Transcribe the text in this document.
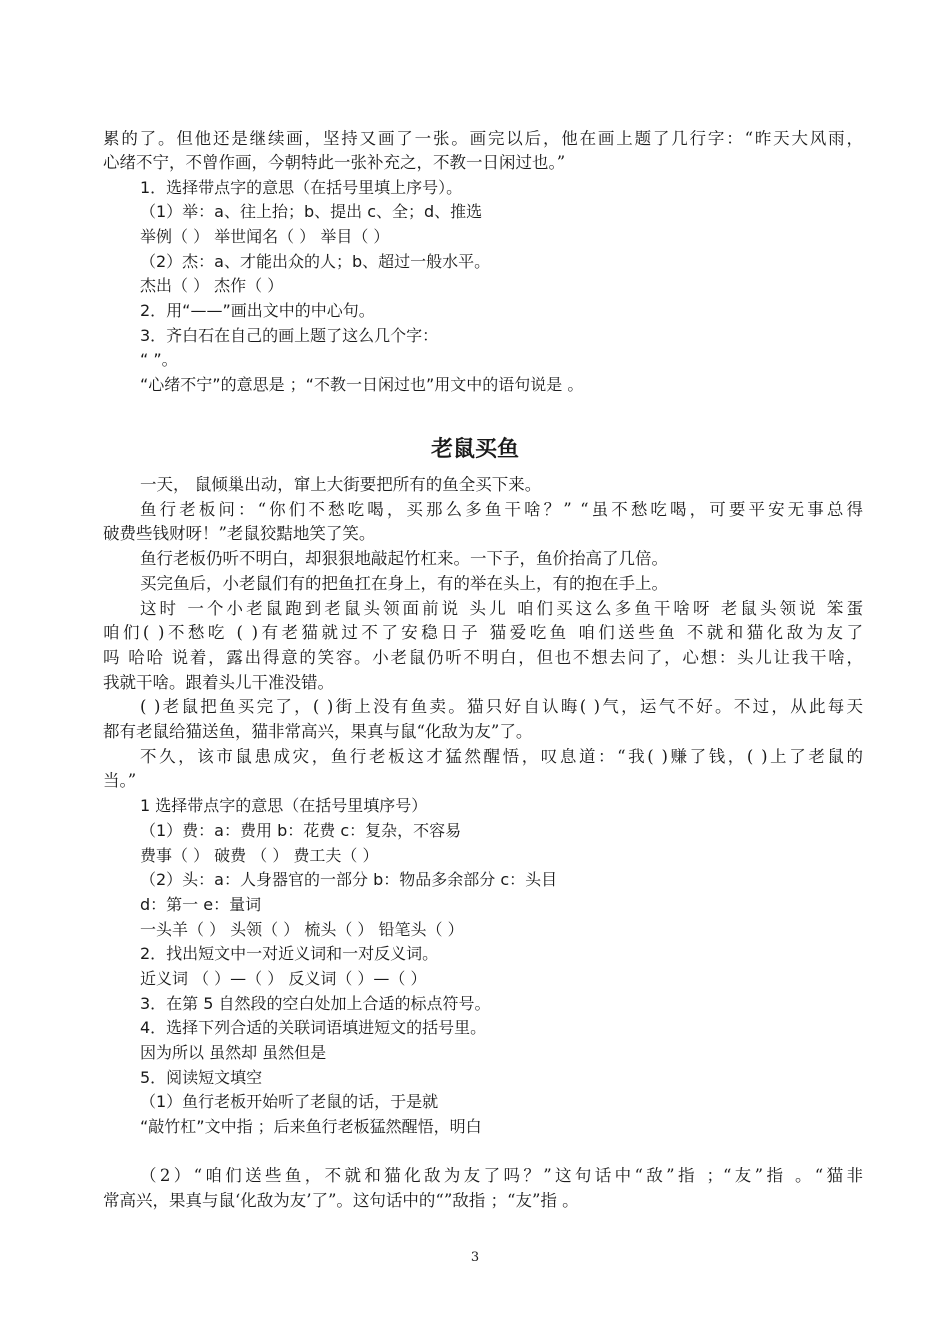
累的了。但他还是继续画，坚持又画了一张。画完以后，他在画上题了几行字：“昨天大风雨，
心绪不宁，不曾作画，今朝特此一张补充之，不教一日闲过也。”
1．选择带点字的意思（在括号里填上序号）。
（1）举：a、往上抬；b、提出 c、全；d、推选
举例（ ） 举世闻名（ ） 举目（ ）
（2）杰：a、才能出众的人；b、超过一般水平。
杰出（ ） 杰作（ ）
2．用“——”画出文中的中心句。
3．齐白石在自己的画上题了这么几个字：
“ ”。
“心绪不宁”的意思是 ；“不教一日闲过也”用文中的语句说是 。
老鼠买鱼
一天， 鼠倾巢出动，窜上大街要把所有的鱼全买下来。
鱼行老板问：“你们不愁吃喝，买那么多鱼干啥？” “虽不愁吃喝，可要平安无事总得
破费些钱财呀！”老鼠狡黠地笑了笑。
鱼行老板仍听不明白，却狠狠地敲起竹杠来。一下子，鱼价抬高了几倍。
买完鱼后，小老鼠们有的把鱼扛在身上，有的举在头上，有的抱在手上。
这时 一个小老鼠跑到老鼠头领面前说 头儿 咱们买这么多鱼干啥呀 老鼠头领说 笨蛋
咱们( )不愁吃 ( )有老猫就过不了安稳日子 猫爱吃鱼 咱们送些鱼 不就和猫化敌为友了
吗 哈哈 说着，露出得意的笑容。小老鼠仍听不明白，但也不想去问了，心想：头儿让我干啥，
我就干啥。跟着头儿干准没错。
( )老鼠把鱼买完了，( )街上没有鱼卖。猫只好自认晦( )气，运气不好。不过，从此每天
都有老鼠给猫送鱼，猫非常高兴，果真与鼠“化敌为友”了。
不久，该市鼠患成灾，鱼行老板这才猛然醒悟，叹息道：“我( )赚了钱，( )上了老鼠的
当。”
1 选择带点字的意思（在括号里填序号）
（1）费：a：费用 b：花费 c：复杂，不容易
费事（ ） 破费 （ ） 费工夫（ ）
（2）头：a：人身器官的一部分 b：物品多余部分 c：头目
d：第一 e：量词
一头羊（ ） 头领（ ） 梳头（ ） 铅笔头（ ）
2．找出短文中一对近义词和一对反义词。
近义词 （ ）—（ ） 反义词（ ）—（ ）
3．在第 5 自然段的空白处加上合适的标点符号。
4．选择下列合适的关联词语填进短文的括号里。
因为所以 虽然却 虽然但是
5．阅读短文填空
（1）鱼行老板开始听了老鼠的话，于是就
“敲竹杠”文中指 ；后来鱼行老板猛然醒悟，明白
（2）“咱们送些鱼，不就和猫化敌为友了吗？”这句话中“敌”指 ；“友”指 。“猫非
常高兴，果真与鼠‘化敌为友’了”。这句话中的“”敌指 ；“友”指 。
3
